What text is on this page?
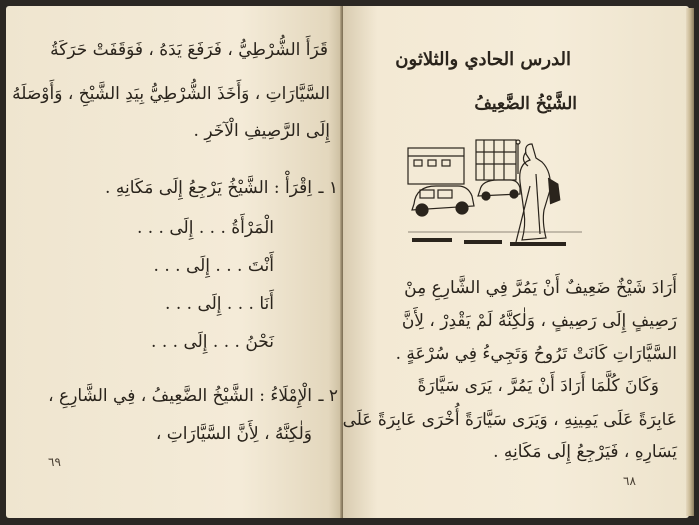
قَرَأَ الشُّرْطِيُّ ، فَرَفَعَ يَدَهُ ، فَوَقَفَتْ حَرَكَةُ
السَّيَّارَاتِ ، وَأَخَذَ الشُّرْطِيُّ بِيَدِ الشَّيْخِ ، وَأَوْصَلَهُ
إِلَى الرَّصِيفِ الْآخَرِ .
١ ـ
اِقْرَأْ : الشَّيْخُ يَرْجِعُ إِلَى مَكَانِهِ .
الْمَرْأَةُ . . . إِلَى . . .
أَنْتَ . . . إِلَى . . .
أَنَا . . . إِلَى . . .
نَحْنُ . . . إِلَى . . .
٢ ـ
الْإِمْلَاءُ : الشَّيْخُ الضَّعِيفُ ، فِي الشَّارِعِ ،
وَلٰكِنَّهُ ، لِأَنَّ السَّيَّارَاتِ ،
٦٩
الدرس الحادي والثلاثون
الشَّيْخُ الضَّعِيفُ
أَرَادَ شَيْخٌ ضَعِيفٌ أَنْ يَمُرَّ فِي الشَّارِعِ مِنْ
رَصِيفٍ إِلَى رَصِيفٍ ، وَلٰكِنَّهُ لَمْ يَقْدِرْ ، لِأَنَّ
السَّيَّارَاتِ كَانَتْ تَرُوحُ وَتَجِيءُ فِي سُرْعَةٍ .
وَكَانَ كُلَّمَا أَرَادَ أَنْ يَمُرَّ ، يَرَى سَيَّارَةً
عَابِرَةً عَلَى يَمِينِهِ ، وَيَرَى سَيَّارَةً أُخْرَى عَابِرَةً عَلَى
يَسَارِهِ ، فَيَرْجِعُ إِلَى مَكَانِهِ .
٦٨
